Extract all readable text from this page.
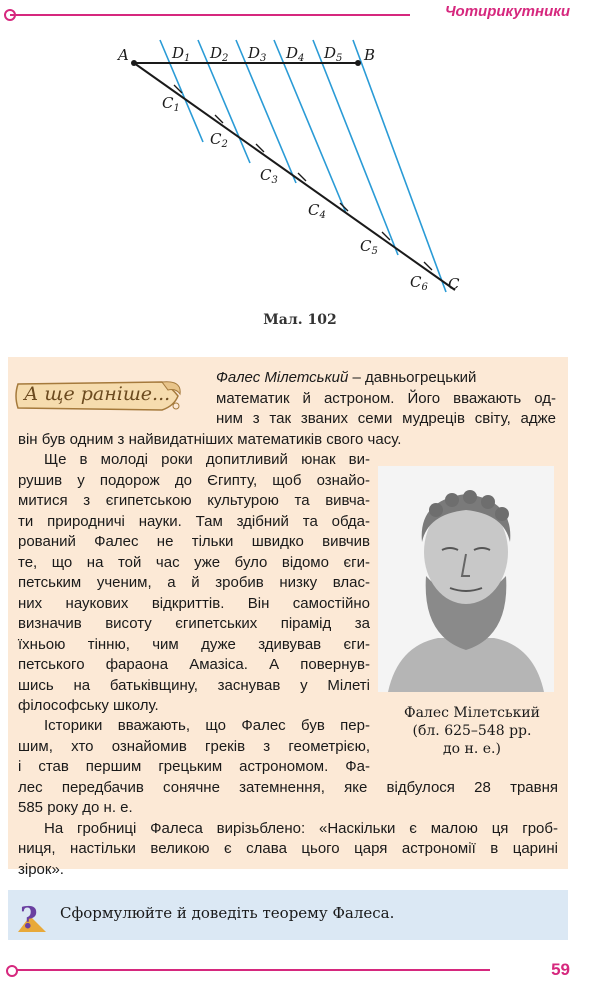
Чотирикутники
A	B
C
$D_1$ $D_2$ $D_3$ $D_4$ $D_5$
$C_1$
$C_2$
$C_3$
$C_4$
$C_5$
$C_6$
Мал. 102
А ще раніше...
Фалес Мілетський – давньогрецький
математик й астроном. Його вважають од-
ним з так званих семи мудреців світу, адже
він був одним з найвидатніших математиків свого часу.
Ще в молоді роки допитливий юнак ви-
рушив у подорож до Єгипту, щоб ознайо-
митися з єгипетською культурою та вивча-
ти природничі науки. Там здібний та обда-
рований Фалес не тільки швидко вивчив
те, що на той час уже було відомо єги-
петським ученим, а й зробив низку влас-
них наукових відкриттів. Він самостійно
визначив висоту єгипетських пірамід за
їхньою тінню, чим дуже здивував єги-
петського фараона Амазіса. А повернув-
шись на батьківщину, заснував у Мілеті
філософську школу.
Історики вважають, що Фалес був пер-
шим, хто ознайомив греків з геометрією,
і став першим грецьким астрономом. Фа-
лес передбачив сонячне затемнення, яке відбулося 28 травня
585 року до н. е.
На гробниці Фалеса вирізьблено: «Наскільки є малою ця гроб-
ниця, настільки великою є слава цього царя астрономії в царині
зірок».
Фалес Мілетський
(бл. 625–548 рр.
до н. е.)
? Сформулюйте й доведіть теорему Фалеса.
59
